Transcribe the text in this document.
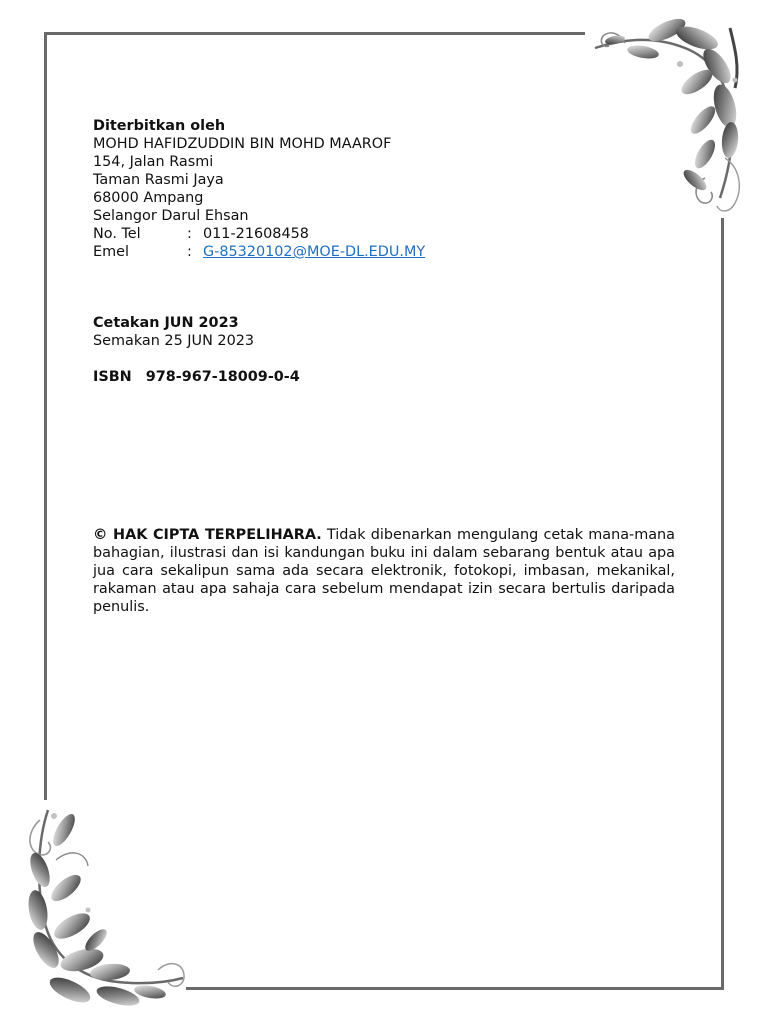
Diterbitkan oleh
MOHD HAFIDZUDDIN BIN MOHD MAAROF
154, Jalan Rasmi
Taman Rasmi Jaya
68000 Ampang
Selangor Darul Ehsan
No. Tel	: 011-21608458
Emel	: G-85320102@MOE-DL.EDU.MY
Cetakan JUN 2023
Semakan 25 JUN 2023
ISBN 978-967-18009-0-4

© HAK CIPTA TERPELIHARA. Tidak dibenarkan mengulang cetak mana-mana bahagian, ilustrasi dan isi kandungan buku ini dalam sebarang bentuk atau apa jua cara sekalipun sama ada secara elektronik, fotokopi, imbasan, mekanikal, rakaman atau apa sahaja cara sebelum mendapat izin secara bertulis daripada penulis.
